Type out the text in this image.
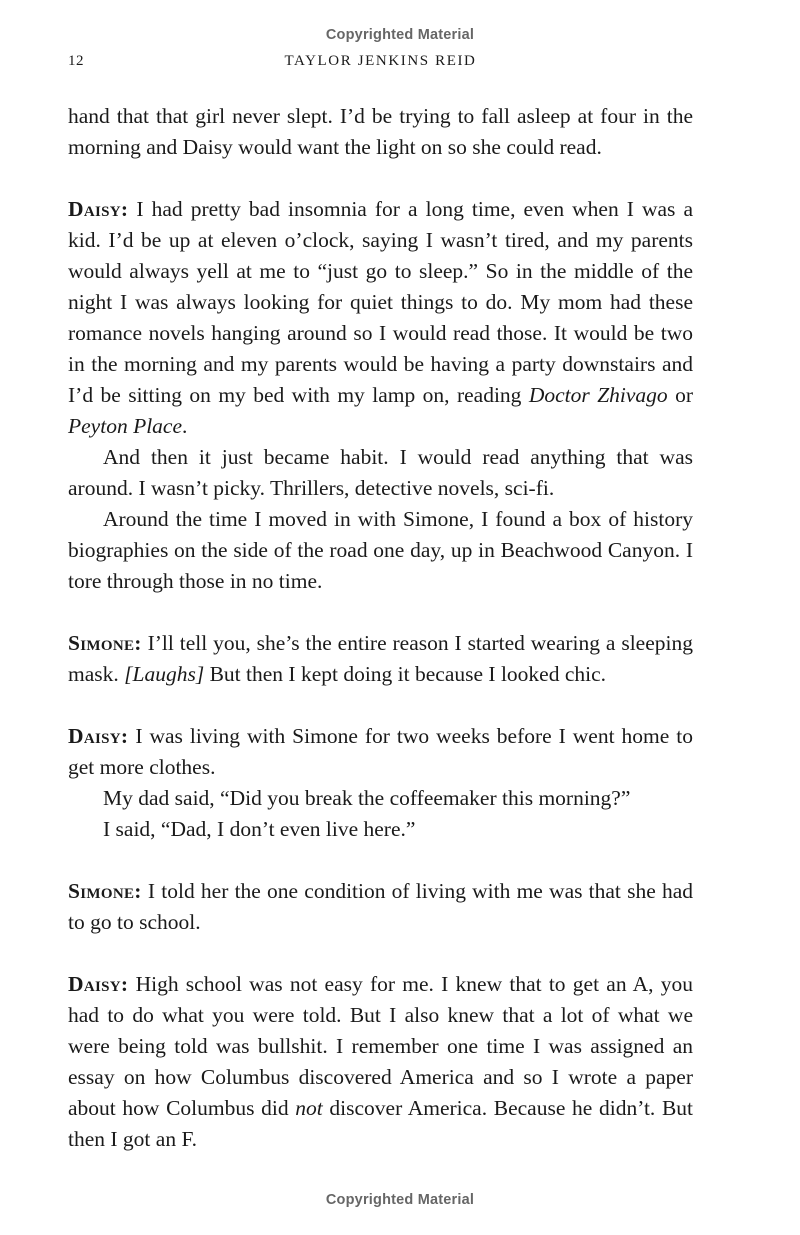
Copyrighted Material
12	TAYLOR JENKINS REID

hand that that girl never slept. I’d be trying to fall asleep at four in the morning and Daisy would want the light on so she could read.

Daisy: I had pretty bad insomnia for a long time, even when I was a kid. I’d be up at eleven o’clock, saying I wasn’t tired, and my parents would always yell at me to “just go to sleep.” So in the middle of the night I was always looking for quiet things to do. My mom had these romance novels hanging around so I would read those. It would be two in the morning and my parents would be having a party downstairs and I’d be sitting on my bed with my lamp on, reading Doctor Zhivago or Peyton Place.

And then it just became habit. I would read anything that was around. I wasn’t picky. Thrillers, detective novels, sci-fi.

Around the time I moved in with Simone, I found a box of history biographies on the side of the road one day, up in Beachwood Canyon. I tore through those in no time.

Simone: I’ll tell you, she’s the entire reason I started wearing a sleeping mask. [Laughs] But then I kept doing it because I looked chic.

Daisy: I was living with Simone for two weeks before I went home to get more clothes.

My dad said, “Did you break the coffeemaker this morning?”

I said, “Dad, I don’t even live here.”

Simone: I told her the one condition of living with me was that she had to go to school.

Daisy: High school was not easy for me. I knew that to get an A, you had to do what you were told. But I also knew that a lot of what we were being told was bullshit. I remember one time I was assigned an essay on how Columbus discovered America and so I wrote a paper about how Columbus did not discover America. Because he didn’t. But then I got an F.

Copyrighted Material
